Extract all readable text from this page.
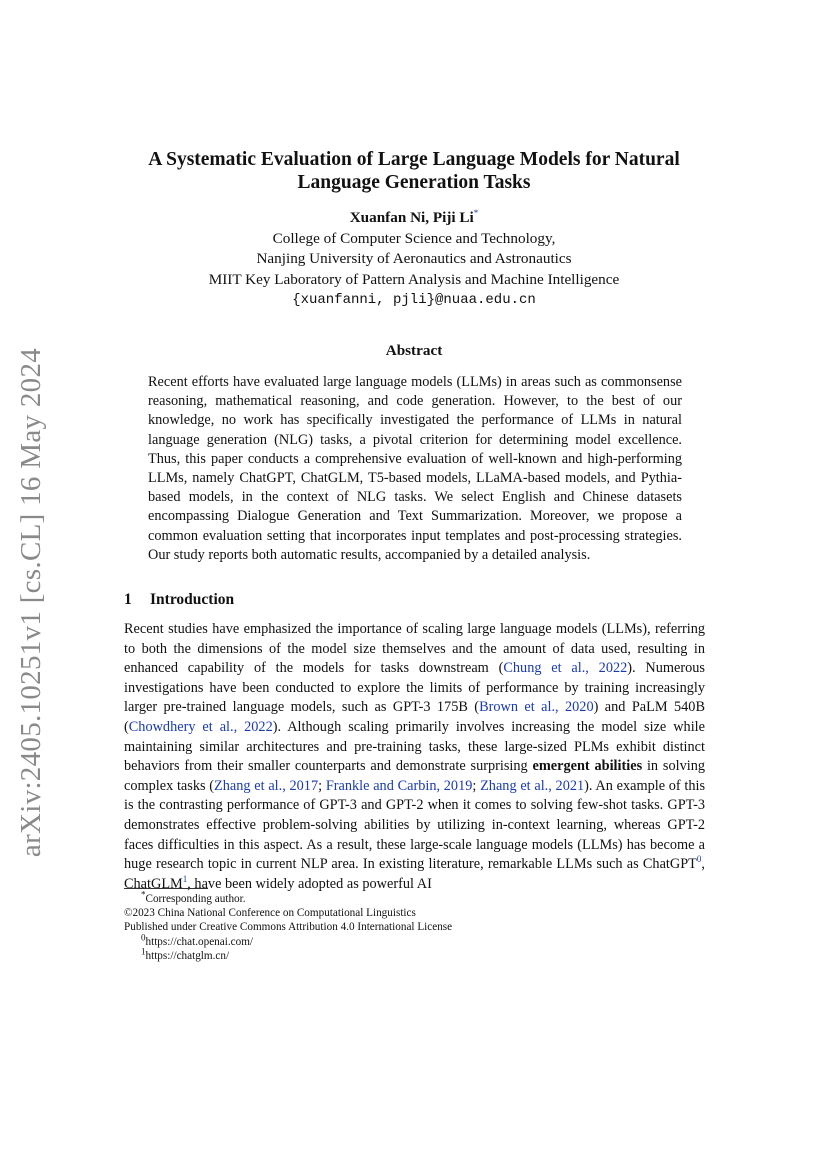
arXiv:2405.10251v1 [cs.CL] 16 May 2024
A Systematic Evaluation of Large Language Models for Natural Language Generation Tasks
Xuanfan Ni, Piji Li*
College of Computer Science and Technology,
Nanjing University of Aeronautics and Astronautics
MIIT Key Laboratory of Pattern Analysis and Machine Intelligence
{xuanfanni, pjli}@nuaa.edu.cn
Abstract
Recent efforts have evaluated large language models (LLMs) in areas such as commonsense reasoning, mathematical reasoning, and code generation. However, to the best of our knowledge, no work has specifically investigated the performance of LLMs in natural language generation (NLG) tasks, a pivotal criterion for determining model excellence. Thus, this paper conducts a comprehensive evaluation of well-known and high-performing LLMs, namely ChatGPT, ChatGLM, T5-based models, LLaMA-based models, and Pythia-based models, in the context of NLG tasks. We select English and Chinese datasets encompassing Dialogue Generation and Text Summarization. Moreover, we propose a common evaluation setting that incorporates input templates and post-processing strategies. Our study reports both automatic results, accompanied by a detailed analysis.
1 Introduction
Recent studies have emphasized the importance of scaling large language models (LLMs), referring to both the dimensions of the model size themselves and the amount of data used, resulting in enhanced capability of the models for tasks downstream (Chung et al., 2022). Numerous investigations have been conducted to explore the limits of performance by training increasingly larger pre-trained language models, such as GPT-3 175B (Brown et al., 2020) and PaLM 540B (Chowdhery et al., 2022). Although scaling primarily involves increasing the model size while maintaining similar architectures and pre-training tasks, these large-sized PLMs exhibit distinct behaviors from their smaller counterparts and demonstrate surprising emergent abilities in solving complex tasks (Zhang et al., 2017; Frankle and Carbin, 2019; Zhang et al., 2021). An example of this is the contrasting performance of GPT-3 and GPT-2 when it comes to solving few-shot tasks. GPT-3 demonstrates effective problem-solving abilities by utilizing in-context learning, whereas GPT-2 faces difficulties in this aspect. As a result, these large-scale language models (LLMs) has become a huge research topic in current NLP area. In existing literature, remarkable LLMs such as ChatGPT$^0$, ChatGLM$^1$, have been widely adopted as powerful AI
*Corresponding author.
©2023 China National Conference on Computational Linguistics
Published under Creative Commons Attribution 4.0 International License
$^0$https://chat.openai.com/
$^1$https://chatglm.cn/
